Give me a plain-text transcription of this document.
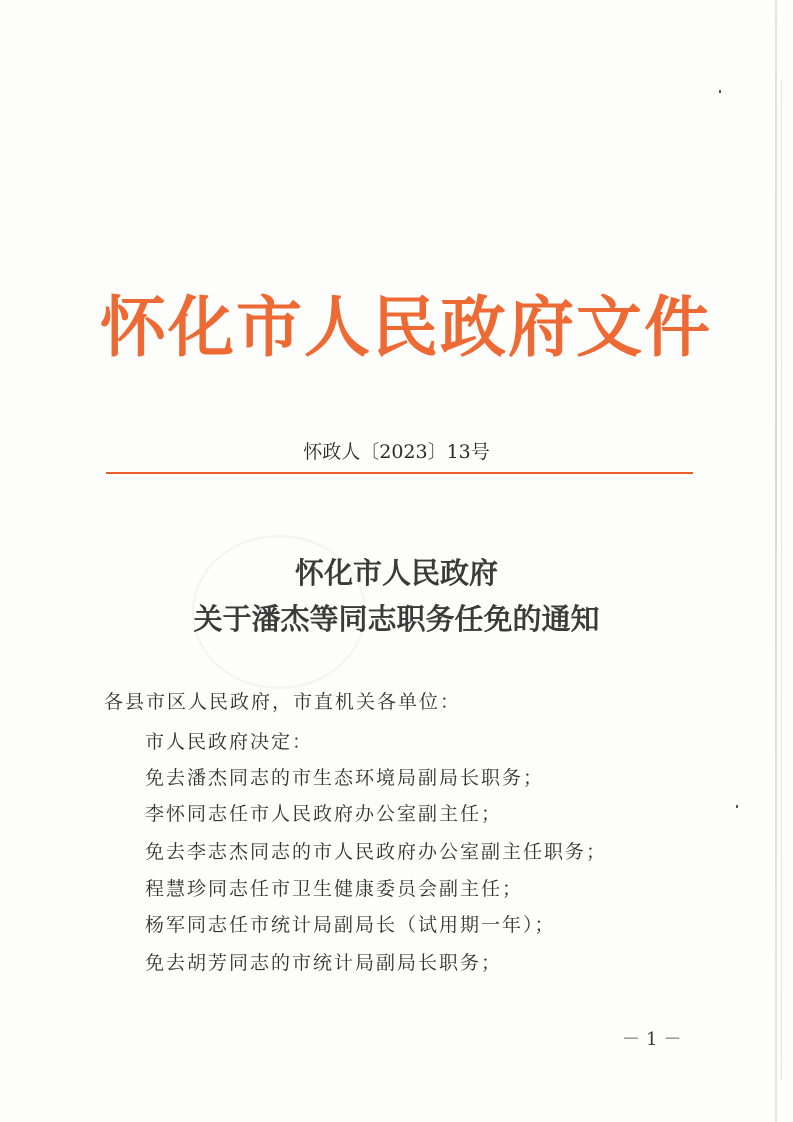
怀化市人民政府文件
怀政人〔2023〕13号
怀化市人民政府
关于潘杰等同志职务任免的通知
各县市区人民政府，市直机关各单位：
市人民政府决定：
免去潘杰同志的市生态环境局副局长职务；
李怀同志任市人民政府办公室副主任；
免去李志杰同志的市人民政府办公室副主任职务；
程慧珍同志任市卫生健康委员会副主任；
杨军同志任市统计局副局长（试用期一年）；
免去胡芳同志的市统计局副局长职务；
－1－
